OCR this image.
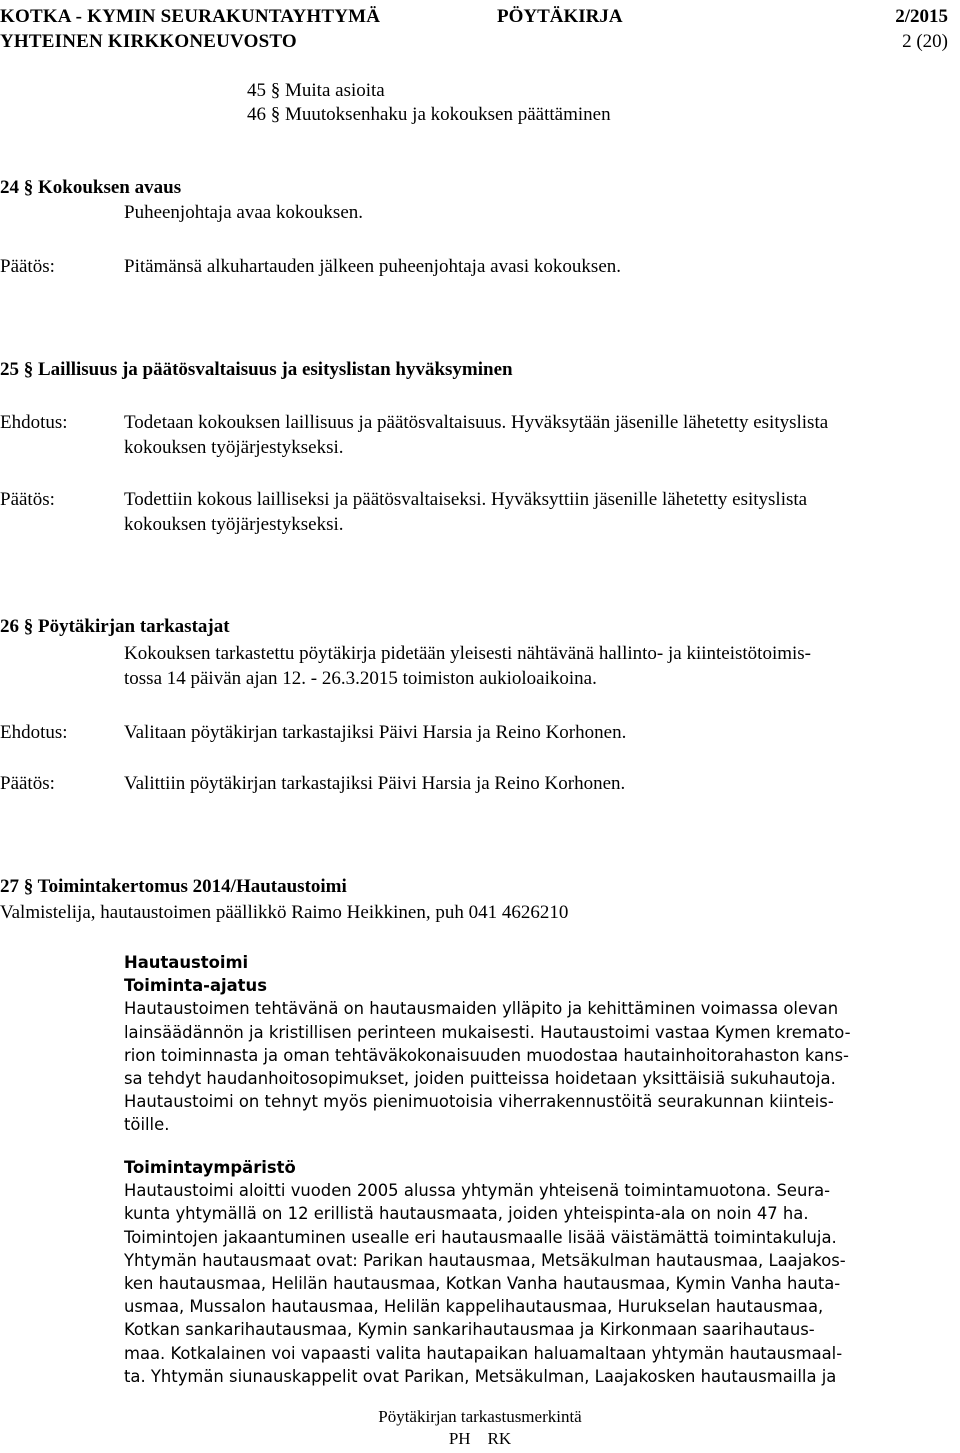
KOTKA - KYMIN SEURAKUNTAYHTYMÄ	PÖYTÄKIRJA	2/2015
YHTEINEN KIRKKONEUVOSTO	2 (20)
45 § Muita asioita
46 § Muutoksenhaku ja kokouksen päättäminen
24 § Kokouksen avaus
Puheenjohtaja avaa kokouksen.
Päätös:	Pitämänsä alkuhartauden jälkeen puheenjohtaja avasi kokouksen.
25 § Laillisuus ja päätösvaltaisuus ja esityslistan hyväksyminen
Ehdotus:	Todetaan kokouksen laillisuus ja päätösvaltaisuus. Hyväksytään jäsenille lähetetty esityslista
kokouksen työjärjestykseksi.
Päätös:	Todettiin kokous lailliseksi ja päätösvaltaiseksi. Hyväksyttiin jäsenille lähetetty esityslista
kokouksen työjärjestykseksi.
26 § Pöytäkirjan tarkastajat
Kokouksen tarkastettu pöytäkirja pidetään yleisesti nähtävänä hallinto- ja kiinteistötoimis-
tossa 14 päivän ajan 12. - 26.3.2015 toimiston aukioloaikoina.
Ehdotus:	Valitaan pöytäkirjan tarkastajiksi Päivi Harsia ja Reino Korhonen.
Päätös:	Valittiin pöytäkirjan tarkastajiksi Päivi Harsia ja Reino Korhonen.
27 § Toimintakertomus 2014/Hautaustoimi
Valmistelija, hautaustoimen päällikkö Raimo Heikkinen, puh 041 4626210
Hautaustoimi
Toiminta-ajatus
Hautaustoimen tehtävänä on hautausmaiden ylläpito ja kehittäminen voimassa olevan
lainsäädännön ja kristillisen perinteen mukaisesti. Hautaustoimi vastaa Kymen kremato-
rion toiminnasta ja oman tehtäväkokonaisuuden muodostaa hautainhoitorahaston kans-
sa tehdyt haudanhoitosopimukset, joiden puitteissa hoidetaan yksittäisiä sukuhautoja.
Hautaustoimi on tehnyt myös pienimuotoisia viherrakennustöitä seurakunnan kiinteis-
töille.
Toimintaympäristö
Hautaustoimi aloitti vuoden 2005 alussa yhtymän yhteisenä toimintamuotona. Seura-
kunta yhtymällä on 12 erillistä hautausmaata, joiden yhteispinta-ala on noin 47 ha.
Toimintojen jakaantuminen usealle eri hautausmaalle lisää väistämättä toimintakuluja.
Yhtymän hautausmaat ovat: Parikan hautausmaa, Metsäkulman hautausmaa, Laajakos-
ken hautausmaa, Helilän hautausmaa, Kotkan Vanha hautausmaa, Kymin Vanha hauta-
usmaa, Mussalon hautausmaa, Helilän kappelihautausmaa, Hurukselan hautausmaa,
Kotkan sankarihautausmaa, Kymin sankarihautausmaa ja Kirkonmaan saarihautaus-
maa. Kotkalainen voi vapaasti valita hautapaikan haluamaltaan yhtymän hautausmaal-
ta. Yhtymän siunauskappelit ovat Parikan, Metsäkulman, Laajakosken hautausmailla ja
Pöytäkirjan tarkastusmerkintä
PH    RK
